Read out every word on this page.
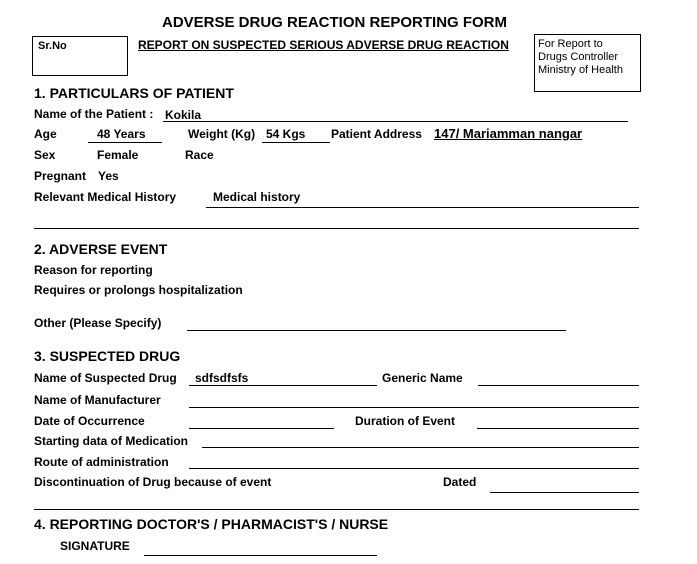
ADVERSE DRUG REACTION REPORTING FORM
Sr.No	REPORT ON SUSPECTED SERIOUS ADVERSE DRUG REACTION	For Report to
Drugs Controller
Ministry of Health
1. PARTICULARS OF PATIENT
Name of the Patient : Kokila
Age	48 Years	Weight (Kg) 54 Kgs Patient Address 147/ Mariamman nangar
Sex	Female	Race
Pregnant Yes
Relevant Medical History	Medical history
2. ADVERSE EVENT
Reason for reporting
Requires or prolongs hospitalization
Other (Please Specify)
3. SUSPECTED DRUG
Name of Suspected Drug sdfsdfsfs	Generic Name
Name of Manufacturer
Date of Occurrence	Duration of Event
Starting data of Medication
Route of administration
Discontinuation of Drug because of event	Dated
4. REPORTING DOCTOR'S / PHARMACIST'S / NURSE
SIGNATURE
